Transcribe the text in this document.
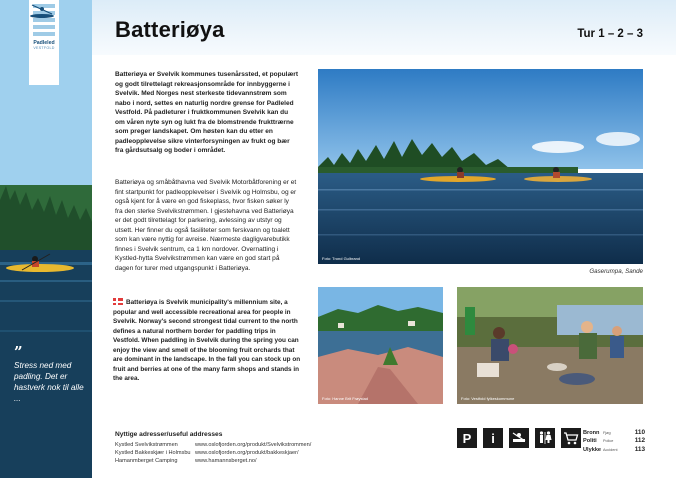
Padleled
VESTFOLD
”
Stress ned med padling. Det er hastverk nok til alle ...
Batteriøya	Tur 1 – 2 – 3

Batteriøya er Svelvik kommunes tusenårssted, et populært og godt tilrettelagt rekreasjonsområde for innbyggerne i Svelvik. Med Norges nest sterkeste tidevannstrøm som nabo i nord, settes en naturlig nordre grense for Padleled Vestfold. På padleturer i fruktkommunen Svelvik kan du om våren nyte syn og lukt fra de blomstrende frukttrærne som preger landskapet. Om høsten kan du etter en padleopplevelse sikre vinterforsyningen av frukt og bær fra gårdsutsalg og boder i området.

Batteriøya og småbåthavna ved Svelvik Motorbåtforening er et fint startpunkt for padleopplevelser i Svelvik og Holmsbu, og er også kjent for å være en god fiskeplass, hvor fisken søker ly fra den sterke Svelvikstrømmen. I gjestehavna ved Batteriøya er det godt tilrettelagt for parkering, avlessing av utstyr og utsett. Her finner du også fasiliteter som ferskvann og toalett som kan være nyttig for avreise. Nærmeste dagligvarebutikk finnes i Svelvik sentrum, ca 1 km nordover. Overnatting i Kystled-hytta Svelvikstrømmen kan være en god start på dagen for turer med utgangspunkt i Batteriøya.

Batteriøya is Svelvik municipality's millennium site, a popular and well accessible recreational area for people in Svelvik. Norway's second strongest tidal current to the north defines a natural northern border for paddling trips in Vestfold. When paddling in Svelvik during the spring you can enjoy the view and smell of the blooming fruit orchards that are dominant in the landscape. In the fall you can stock up on fruit and berries at one of the many farm shops and stands in the area.

Foto: Trond Gulbrand
Gaserumpa, Sande
Foto: Hanne Brit Frøystad	Foto: Vestfold fylkeskommune
Nyttige adresser/useful addresses
Kystled Svelvikstrømmen	www.oslofjorden.org/produkt/Svelvikstrommen/
Kystled Bakkeskjær i Holmsbu www.oslofjorden.org/produkt/bakkeskjaer/
Hamanmberget Camping	www.hamannsberget.no/
P	i	Bronn Fjøg	110
Politi	Police	112
Ulykke Accident	113
